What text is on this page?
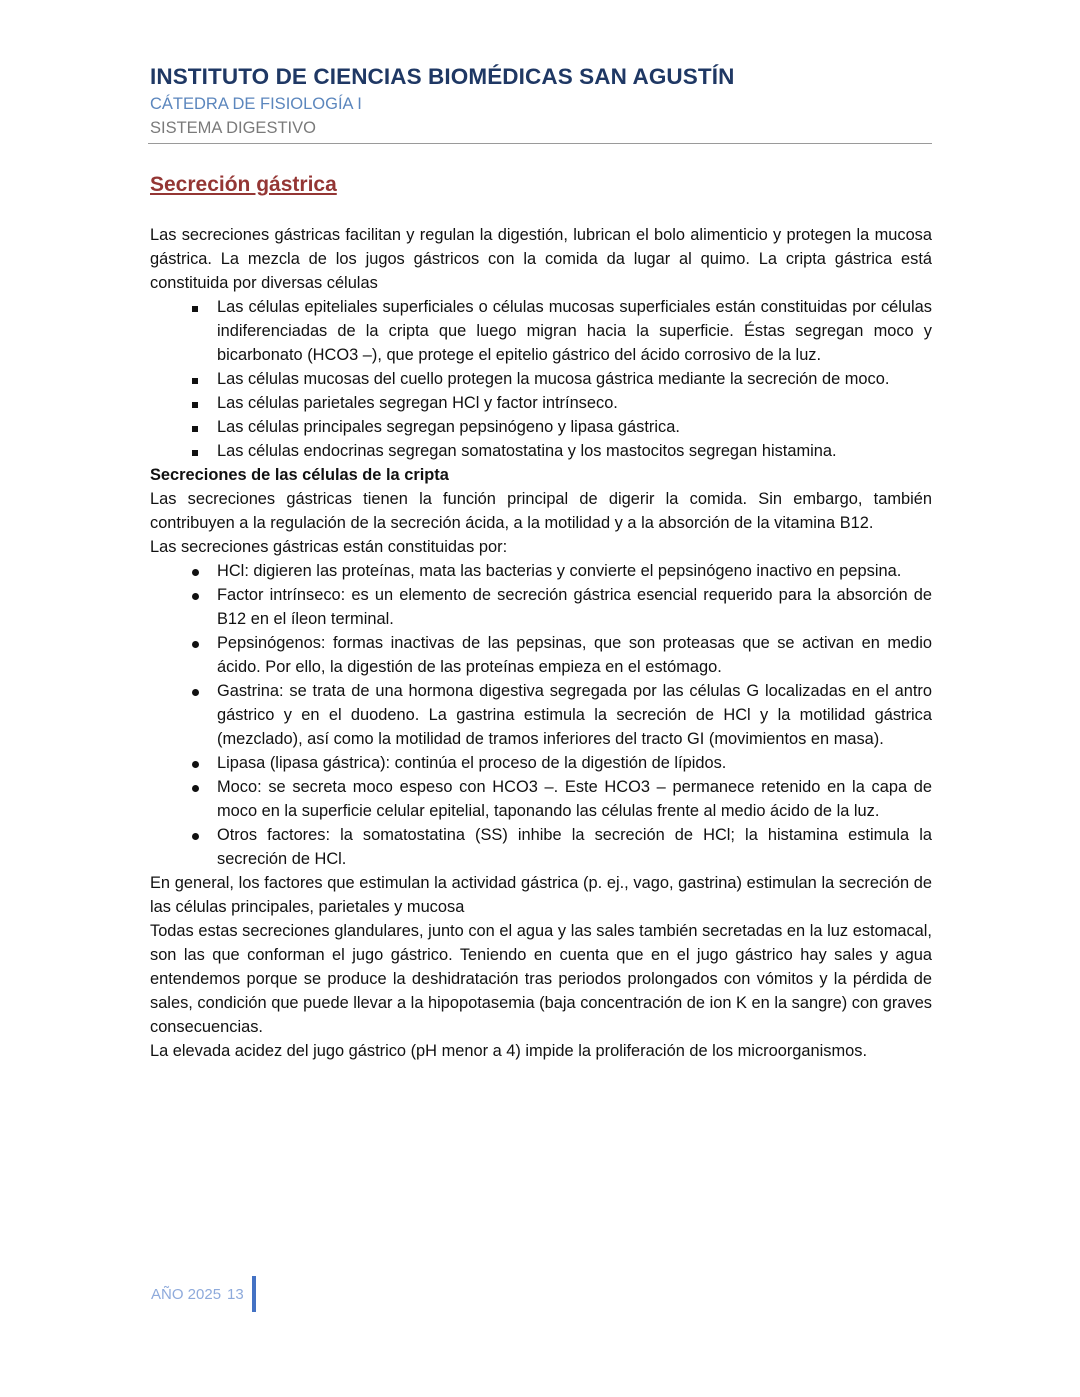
INSTITUTO DE CIENCIAS BIOMÉDICAS SAN AGUSTÍN
CÁTEDRA DE FISIOLOGÍA I
SISTEMA DIGESTIVO
Secreción gástrica

Las secreciones gástricas facilitan y regulan la digestión, lubrican el bolo alimenticio y protegen la mucosa gástrica. La mezcla de los jugos gástricos con la comida da lugar al quimo. La cripta gástrica está constituida por diversas células

Las células epiteliales superficiales o células mucosas superficiales están constituidas por células indiferenciadas de la cripta que luego migran hacia la superficie. Éstas segregan moco y bicarbonato (HCO3 –), que protege el epitelio gástrico del ácido corrosivo de la luz.
Las células mucosas del cuello protegen la mucosa gástrica mediante la secreción de moco.
Las células parietales segregan HCl y factor intrínseco.
Las células principales segregan pepsinógeno y lipasa gástrica.
Las células endocrinas segregan somatostatina y los mastocitos segregan histamina.

Secreciones de las células de la cripta

Las secreciones gástricas tienen la función principal de digerir la comida. Sin embargo, también contribuyen a la regulación de la secreción ácida, a la motilidad y a la absorción de la vitamina B12.

Las secreciones gástricas están constituidas por:

HCl: digieren las proteínas, mata las bacterias y convierte el pepsinógeno inactivo en pepsina.
Factor intrínseco: es un elemento de secreción gástrica esencial requerido para la absorción de B12 en el íleon terminal.
Pepsinógenos: formas inactivas de las pepsinas, que son proteasas que se activan en medio ácido. Por ello, la digestión de las proteínas empieza en el estómago.
Gastrina: se trata de una hormona digestiva segregada por las células G localizadas en el antro gástrico y en el duodeno. La gastrina estimula la secreción de HCl y la motilidad gástrica (mezclado), así como la motilidad de tramos inferiores del tracto GI (movimientos en masa).
Lipasa (lipasa gástrica): continúa el proceso de la digestión de lípidos.
Moco: se secreta moco espeso con HCO3 –. Este HCO3 – permanece retenido en la capa de moco en la superficie celular epitelial, taponando las células frente al medio ácido de la luz.
Otros factores: la somatostatina (SS) inhibe la secreción de HCl; la histamina estimula la secreción de HCl.

En general, los factores que estimulan la actividad gástrica (p. ej., vago, gastrina) estimulan la secreción de las células principales, parietales y mucosa

Todas estas secreciones glandulares, junto con el agua y las sales también secretadas en la luz estomacal, son las que conforman el jugo gástrico. Teniendo en cuenta que en el jugo gástrico hay sales y agua entendemos porque se produce la deshidratación tras periodos prolongados con vómitos y la pérdida de sales, condición que puede llevar a la hipopotasemia (baja concentración de ion K en la sangre) con graves consecuencias.

La elevada acidez del jugo gástrico (pH menor a 4) impide la proliferación de los microorganismos.

AÑO 2025 13
